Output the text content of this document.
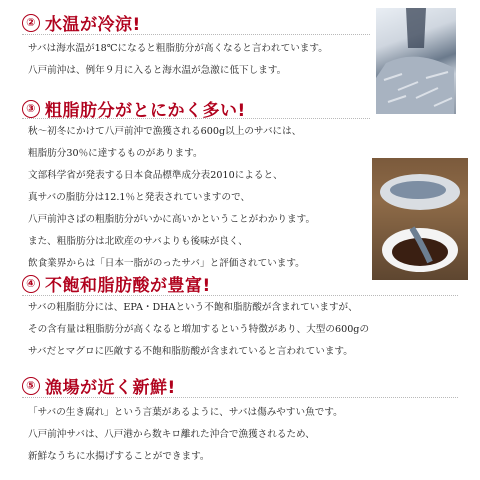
② 水温が冷涼!
サバは海水温が18℃になると粗脂肪分が高くなると言われています。
八戸前沖は、例年９月に入ると海水温が急激に低下します。
③ 粗脂肪分がとにかく多い!
秋〜初冬にかけて八戸前沖で漁獲される600g以上のサバには、
粗脂肪分30％に達するものがあります。
文部科学省が発表する日本食品標準成分表2010によると、
真サバの脂肪分は12.1％と発表されていますので、
八戸前沖さばの粗脂肪分がいかに高いかということがわかります。
また、粗脂肪分は北欧産のサバよりも後味が良く、
飲食業界からは「日本一脂がのったサバ」と評価されています。
④ 不飽和脂肪酸が豊富!
サバの粗脂肪分には、EPA・DHAという不飽和脂肪酸が含まれていますが、
その含有量は粗脂肪分が高くなると増加するという特徴があり、大型の600gの
サバだとマグロに匹敵する不飽和脂肪酸が含まれていると言われています。
⑤ 漁場が近く新鮮!
「サバの生き腐れ」という言葉があるように、サバは傷みやすい魚です。
八戸前沖サバは、八戸港から数キロ離れた沖合で漁獲されるため、
新鮮なうちに水揚げすることができます。
